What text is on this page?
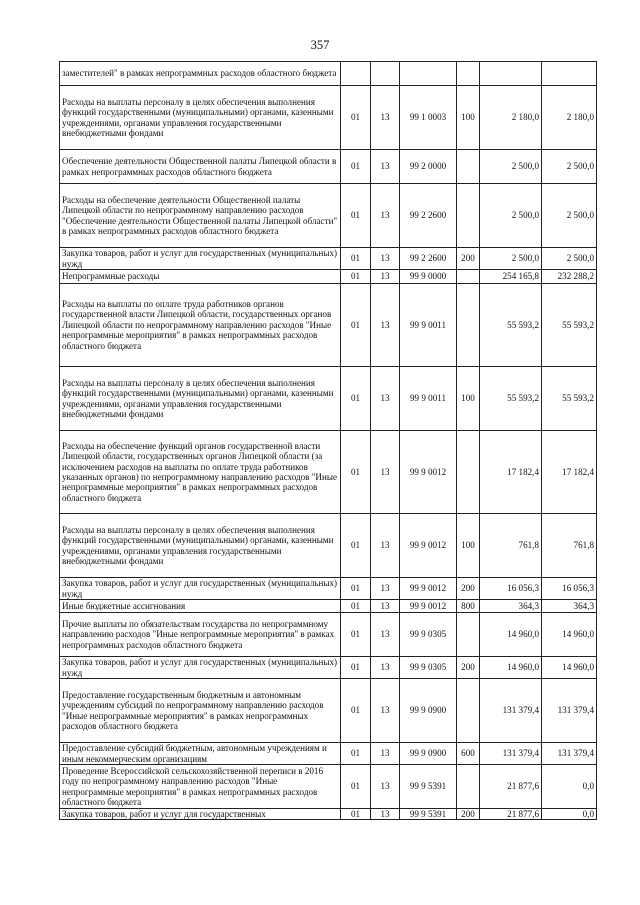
357
заместителей" в рамках непрограммных расходов областного бюджета						
Расходы на выплаты персоналу в целях обеспечения выполнения функций государственными (муниципальными) органами, казенными учреждениями, органами управления государственными внебюджетными фондами	01	13	99 1 0003	100	2 180,0	2 180,0
Обеспечение деятельности Общественной палаты Липецкой области в рамках непрограммных расходов областного бюджета	01	13	99 2 0000		2 500,0	2 500,0
Расходы на обеспечение деятельности Общественной палаты Липецкой области по непрограммному направлению расходов "Обеспечение деятельности Общественной палаты Липецкой области" в рамках непрограммных расходов областного бюджета	01	13	99 2 2600		2 500,0	2 500,0
Закупка товаров, работ и услуг для государственных (муниципальных) нужд	01	13	99 2 2600	200	2 500,0	2 500,0
Непрограммные расходы	01	13	99 9 0000		254 165,8	232 288,2
Расходы на выплаты по оплате труда работников органов государственной власти Липецкой области, государственных органов Липецкой области по непрограммному направлению расходов "Иные непрограммные мероприятия" в рамках непрограммных расходов областного бюджета	01	13	99 9 0011		55 593,2	55 593,2
Расходы на выплаты персоналу в целях обеспечения выполнения функций государственными (муниципальными) органами, казенными учреждениями, органами управления государственными внебюджетными фондами	01	13	99 9 0011	100	55 593,2	55 593,2
Расходы на обеспечение функций органов государственной власти Липецкой области, государственных органов Липецкой области (за исключением расходов на выплаты по оплате труда работников указанных органов) по непрограммному направлению расходов "Иные непрограммные мероприятия" в рамках непрограммных расходов областного бюджета	01	13	99 9 0012		17 182,4	17 182,4
Расходы на выплаты персоналу в целях обеспечения выполнения функций государственными (муниципальными) органами, казенными учреждениями, органами управления государственными внебюджетными фондами	01	13	99 9 0012	100	761,8	761,8
Закупка товаров, работ и услуг для государственных (муниципальных) нужд	01	13	99 9 0012	200	16 056,3	16 056,3
Иные бюджетные ассигнования	01	13	99 9 0012	800	364,3	364,3
Прочие выплаты по обязательствам государства по непрограммному направлению расходов "Иные непрограммные мероприятия" в рамках непрограммных расходов областного бюджета	01	13	99 9 0305		14 960,0	14 960,0
Закупка товаров, работ и услуг для государственных (муниципальных) нужд	01	13	99 9 0305	200	14 960,0	14 960,0
Предоставление государственным бюджетным и автономным учреждениям субсидий по непрограммному направлению расходов "Иные непрограммные мероприятия" в рамках непрограммных расходов областного бюджета	01	13	99 9 0900		131 379,4	131 379,4
Предоставление субсидий бюджетным, автономным учреждениям и иным некоммерческим организациям	01	13	99 9 0900	600	131 379,4	131 379,4
Проведение Всероссийской сельскохозяйственной переписи в 2016 году по непрограммному направлению расходов "Иные непрограммные мероприятия" в рамках непрограммных расходов областного бюджета	01	13	99 9 5391		21 877,6	0,0
Закупка товаров, работ и услуг для государственных	01	13	99 9 5391	200	21 877,6	0,0
